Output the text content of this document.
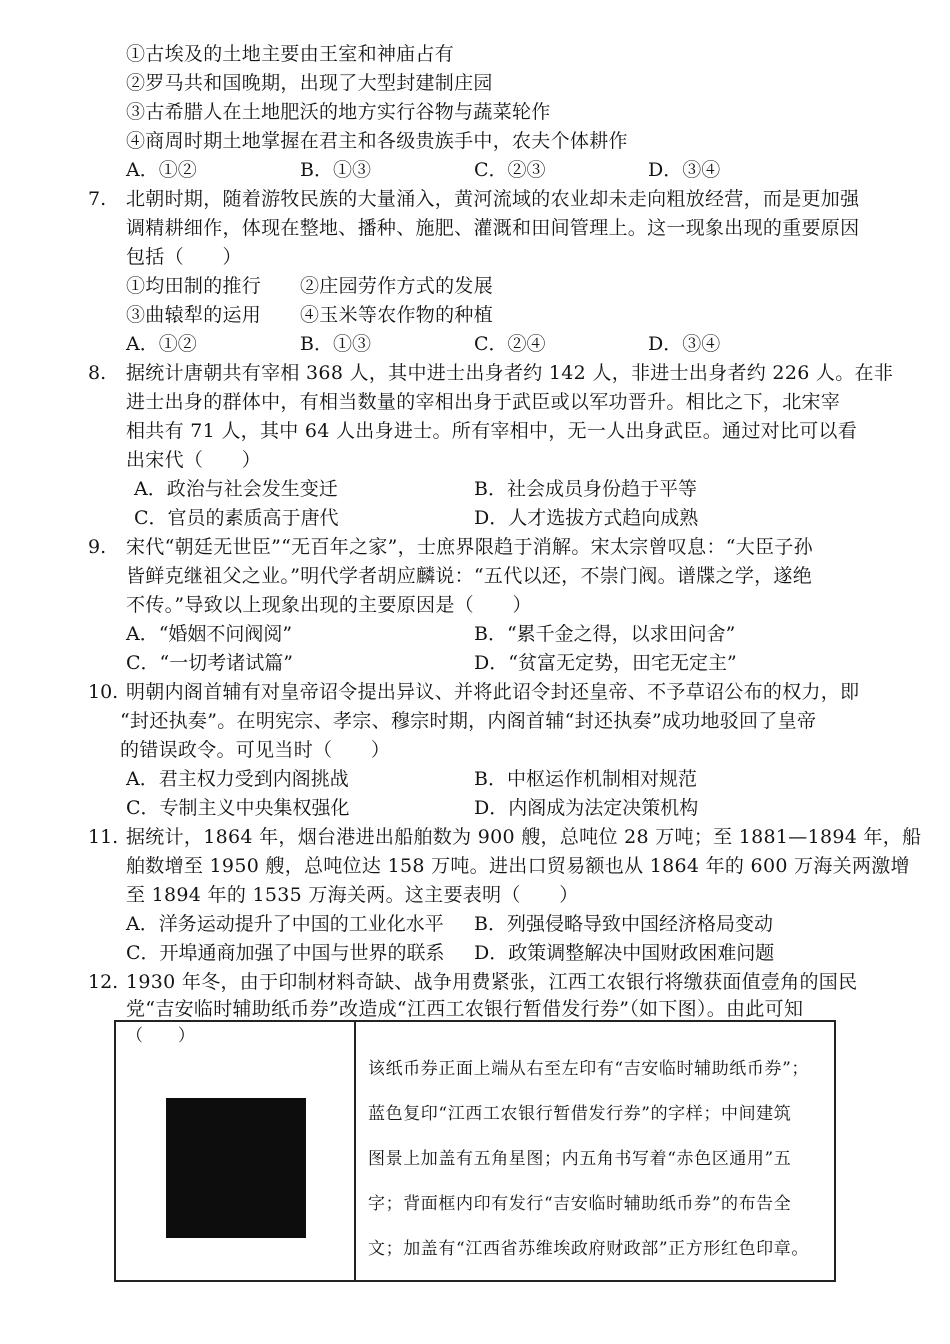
①古埃及的土地主要由王室和神庙占有
②罗马共和国晚期，出现了大型封建制庄园
③古希腊人在土地肥沃的地方实行谷物与蔬菜轮作
④商周时期土地掌握在君主和各级贵族手中，农夫个体耕作
A．①②	B．①③	C．②③	D．③④
7. 北朝时期，随着游牧民族的大量涌入，黄河流域的农业却未走向粗放经营，而是更加强
调精耕细作，体现在整地、播种、施肥、灌溉和田间管理上。这一现象出现的重要原因
包括（　　）
①均田制的推行 ②庄园劳作方式的发展
③曲辕犁的运用 ④玉米等农作物的种植
A．①②	B．①③	C．②④	D．③④
8. 据统计唐朝共有宰相 368 人，其中进士出身者约 142 人，非进士出身者约 226 人。在非
进士出身的群体中，有相当数量的宰相出身于武臣或以军功晋升。相比之下，北宋宰
相共有 71 人，其中 64 人出身进士。所有宰相中，无一人出身武臣。通过对比可以看
出宋代（　　）
A．政治与社会发生变迁	B．社会成员身份趋于平等
C．官员的素质高于唐代	D．人才选拔方式趋向成熟
9. 宋代“朝廷无世臣”“无百年之家”，士庶界限趋于消解。宋太宗曾叹息：“大臣子孙
皆鲜克继祖父之业。”明代学者胡应麟说：“五代以还，不崇门阀。谱牒之学，遂绝
不传。”导致以上现象出现的主要原因是（　　）
A．“婚姻不问阀阅”	B．“累千金之得，以求田问舍”
C．“一切考诸试篇”	D．“贫富无定势，田宅无定主”
10. 明朝内阁首辅有对皇帝诏令提出异议、并将此诏令封还皇帝、不予草诏公布的权力，即
“封还执奏”。在明宪宗、孝宗、穆宗时期，内阁首辅“封还执奏”成功地驳回了皇帝
的错误政令。可见当时（　　）
A．君主权力受到内阁挑战	B．中枢运作机制相对规范
C．专制主义中央集权强化	D．内阁成为法定决策机构
11. 据统计，1864 年，烟台港进出船舶数为 900 艘，总吨位 28 万吨；至 1881—1894 年，船
舶数增至 1950 艘，总吨位达 158 万吨。进出口贸易额也从 1864 年的 600 万海关两激增
至 1894 年的 1535 万海关两。这主要表明（　　）
A．洋务运动提升了中国的工业化水平 B．列强侵略导致中国经济格局变动
C．开埠通商加强了中国与世界的联系 D．政策调整解决中国财政困难问题
12. 1930 年冬，由于印制材料奇缺、战争用费紧张，江西工农银行将缴获面值壹角的国民
党“吉安临时辅助纸币券”改造成“江西工农银行暂借发行券”（如下图）。由此可知
（　　）
该纸币券正面上端从右至左印有“吉安临时辅助纸币券”；
蓝色复印“江西工农银行暂借发行券”的字样；中间建筑
图景上加盖有五角星图；内五角书写着“赤色区通用”五
字；背面框内印有发行“吉安临时辅助纸币券”的布告全
文；加盖有“江西省苏维埃政府财政部”正方形红色印章。
